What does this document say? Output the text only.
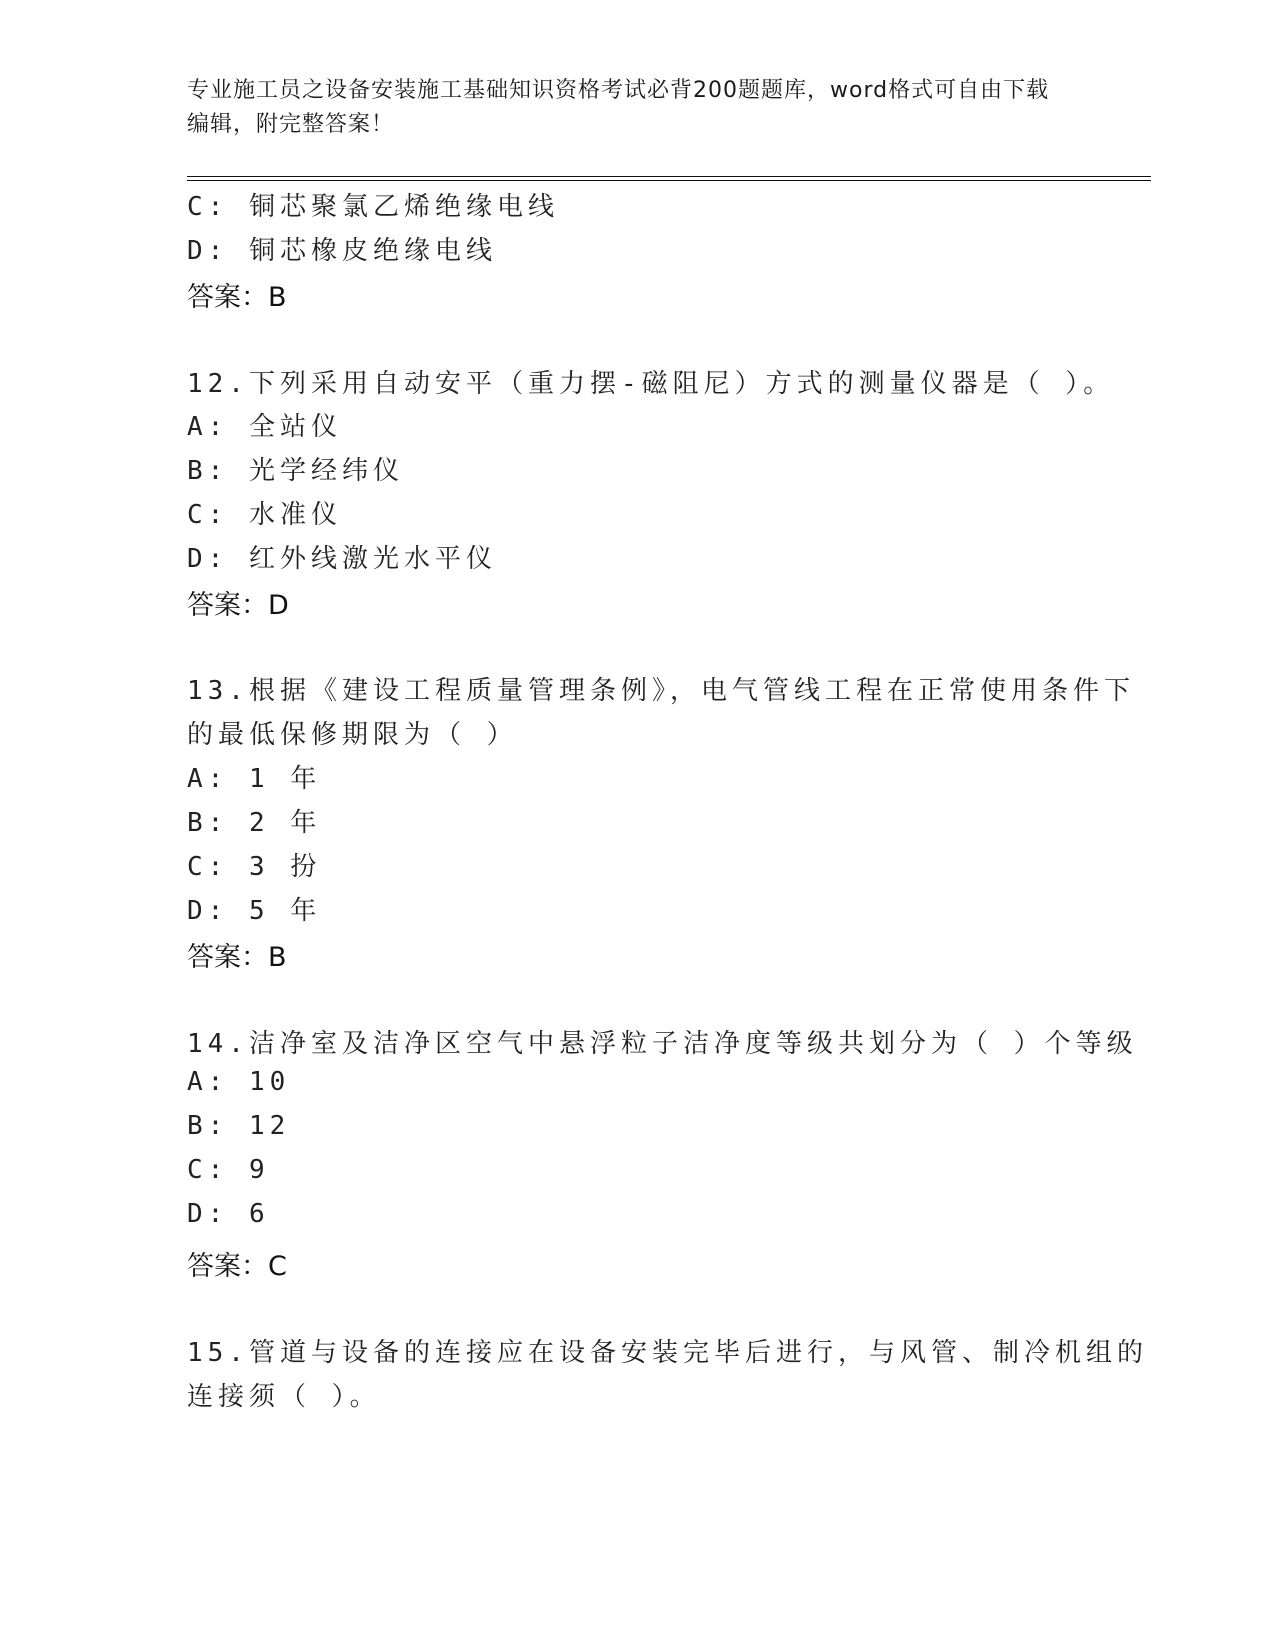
专业施工员之设备安装施工基础知识资格考试必背200题题库，word格式可自由下载编辑，附完整答案！
C: 铜芯聚氯乙烯绝缘电线
D: 铜芯橡皮绝缘电线
答案：B
12.下列采用自动安平（重力摆-磁阻尼）方式的测量仪器是（ ）。
A: 全站仪
B: 光学经纬仪
C: 水准仪
D: 红外线激光水平仪
答案：D
13.根据《建设工程质量管理条例》，电气管线工程在正常使用条件下
的最低保修期限为（ ）
A: 1 年
B: 2 年
C: 3 扮
D: 5 年
答案：B
14.洁净室及洁净区空气中悬浮粒子洁净度等级共划分为（ ）个等级
A: 10
B: 12
C: 9
D: 6
答案：C
15.管道与设备的连接应在设备安装完毕后进行，与风管、制冷机组的
连接须（ ）。
